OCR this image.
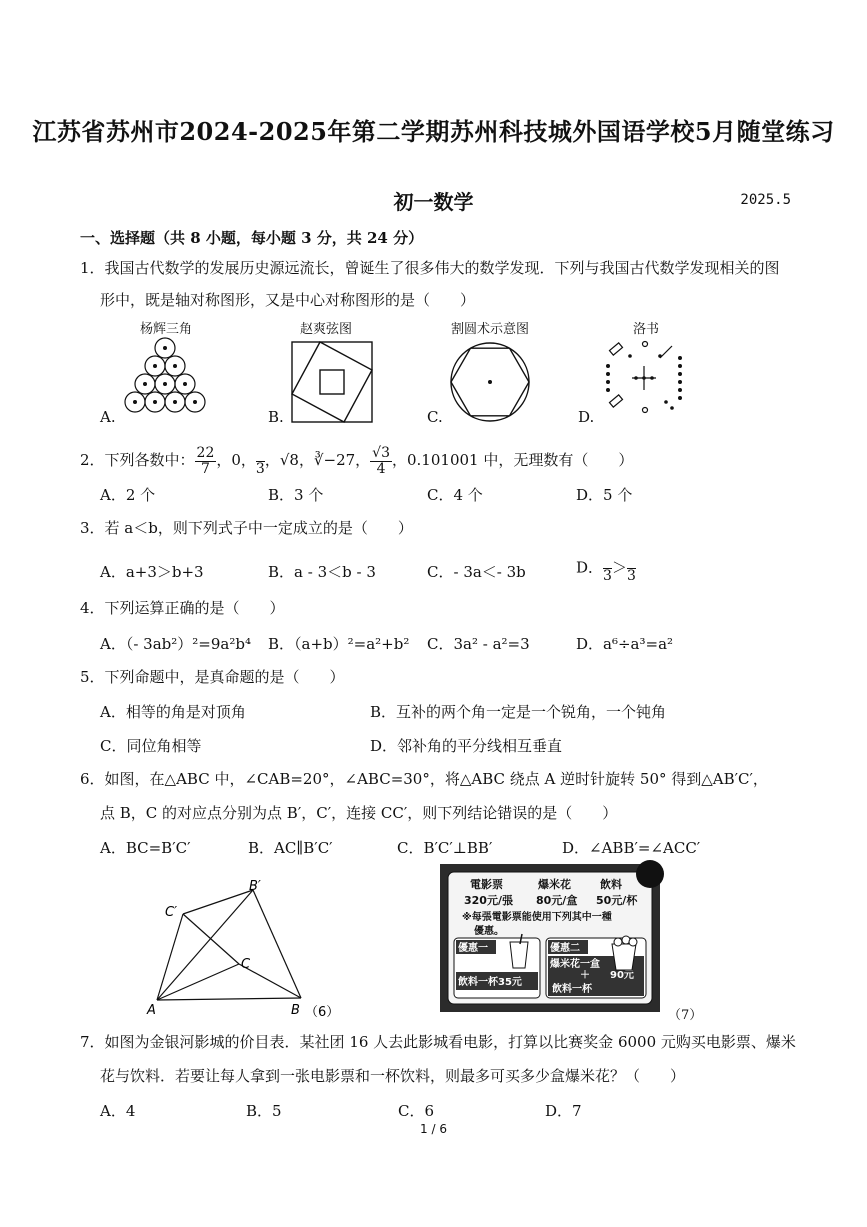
江苏省苏州市2024-2025年第二学期苏州科技城外国语学校5月随堂练习
初一数学	2025.5
一、选择题（共 8 小题，每小题 3 分，共 24 分）
1．我国古代数学的发展历史源远流长，曾诞生了很多伟大的数学发现．下列与我国古代数学发现相关的图
形中，既是轴对称图形，又是中心对称图形的是（　　）
杨辉三角	赵爽弦图	割圆术示意图	洛书
A.	B.	C.	D.
2．下列各数中： $\frac{22}{7}$ ，0，
3 ，√8，∛−27， $\frac{√3}{4}$ ，0.101001 中，无理数有（　　）
A．2 个	B．3 个	C．4 个	D．5 个
3．若 a＜b，则下列式子中一定成立的是（　　）
A．a+3＞b+3	B．a - 3＜b - 3	C．- 3a＜- 3b	D．
3 ＞
3
4．下列运算正确的是（　　）
A．（- 3ab²）²=9a²b⁴ B．（a+b）²=a²+b² C．3a² - a²=3	D．a⁶÷a³=a²
5．下列命题中，是真命题的是（　　）
A．相等的角是对顶角	B．互补的两个角一定是一个锐角，一个钝角
C．同位角相等	D．邻补角的平分线相互垂直
6．如图，在△ABC 中，∠CAB=20°，∠ABC=30°，将△ABC 绕点 A 逆时针旋转 50° 得到△AB′C′，
点 B，C 的对应点分别为点 B′，C′，连接 CC′，则下列结论错误的是（　　）
A．BC=B′C′	B．AC∥B′C′	C．B′C′⊥BB′	D．∠ABB′=∠ACC′
A	B
C
B′
C′
（6）
電影票	爆米花	飲料
320元/張 80元/盒 50元/杯
※每張電影票能使用下列其中一種
優惠。
優惠一
飲料一杯35元
優惠二
爆米花一盒
＋ 90元
飲料一杯
（7）
7．如图为金银河影城的价目表．某社团 16 人去此影城看电影，打算以比赛奖金 6000 元购买电影票、爆米
花与饮料．若要让每人拿到一张电影票和一杯饮料，则最多可买多少盒爆米花？（　　）
A．4	B．5	C．6	D．7
1 / 6
